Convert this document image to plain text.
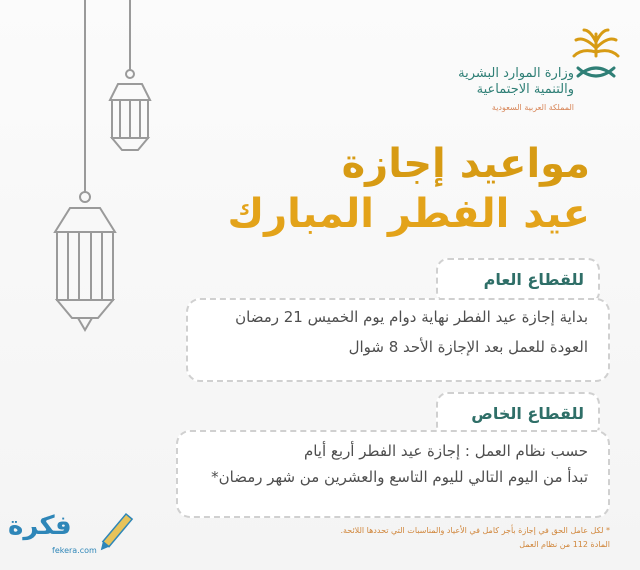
وزارة الموارد البشرية
والتنمية الاجتماعية
المملكة العربية السعودية
مواعيد إجازة
عيد الفطر المبارك
للقطاع العام
بداية إجازة عيد الفطر نهاية دوام يوم الخميس 21 رمضان
العودة للعمل بعد الإجازة الأحد 8 شوال
للقطاع الخاص
حسب نظام العمل : إجازة عيد الفطر أربع أيام
تبدأ من اليوم التالي لليوم التاسع والعشرين من شهر رمضان*
* لكل عامل الحق في إجازة بأجر كامل في الأعياد والمناسبات التي تحددها اللائحة.
المادة 112 من نظام العمل
فكرة
fekera.com
